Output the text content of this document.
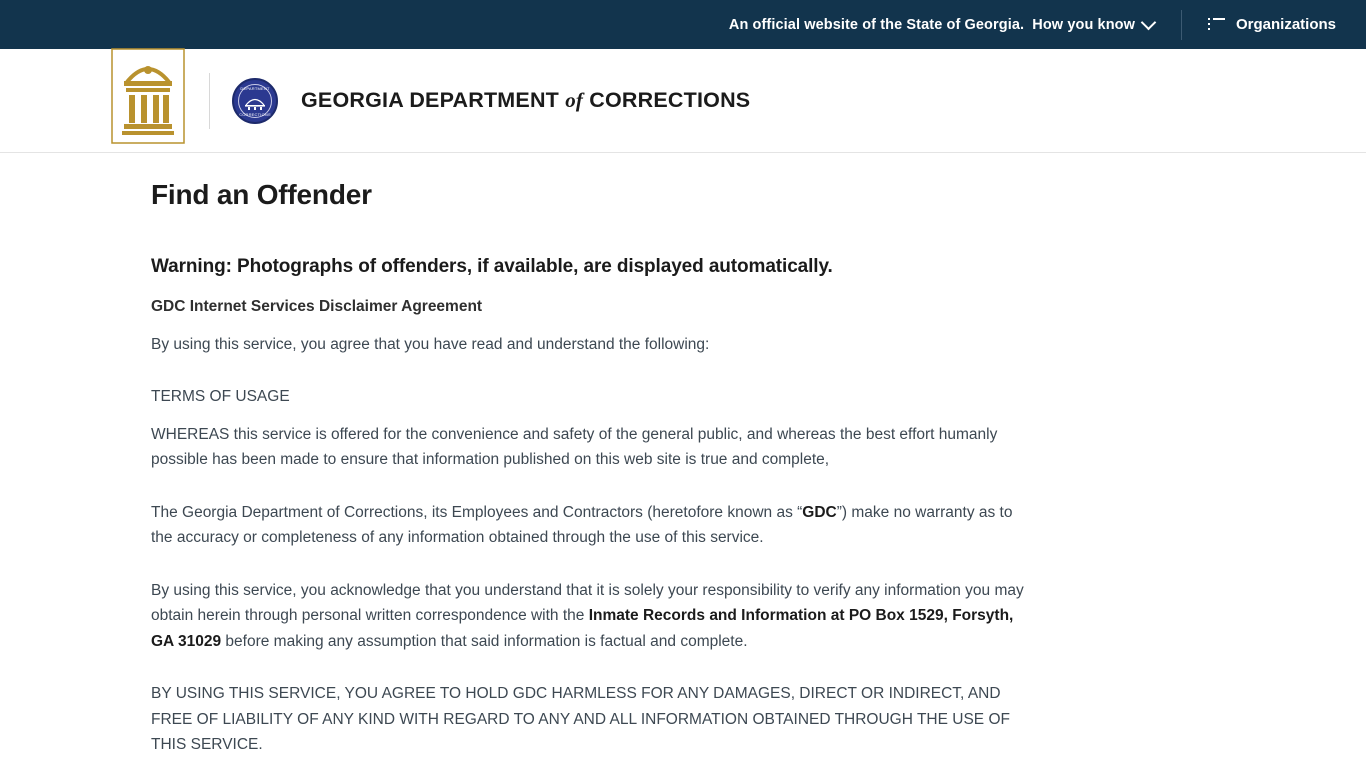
An official website of the State of Georgia. How you know	Organizations
DEPARTMENT
CORRECTIONS
GEORGIA DEPARTMENT of CORRECTIONS
Find an Offender
Warning: Photographs of offenders, if available, are displayed automatically.
GDC Internet Services Disclaimer Agreement

By using this service, you agree that you have read and understand the following:

TERMS OF USAGE

WHEREAS this service is offered for the convenience and safety of the general public, and whereas the best effort humanly possible has been made to ensure that information published on this web site is true and complete,

The Georgia Department of Corrections, its Employees and Contractors (heretofore known as “GDC”) make no warranty as to the accuracy or completeness of any information obtained through the use of this service.

By using this service, you acknowledge that you understand that it is solely your responsibility to verify any information you may obtain herein through personal written correspondence with the Inmate Records and Information at PO Box 1529, Forsyth, GA 31029 before making any assumption that said information is factual and complete.

BY USING THIS SERVICE, YOU AGREE TO HOLD GDC HARMLESS FOR ANY DAMAGES, DIRECT OR INDIRECT, AND FREE OF LIABILITY OF ANY KIND WITH REGARD TO ANY AND ALL INFORMATION OBTAINED THROUGH THE USE OF THIS SERVICE.
